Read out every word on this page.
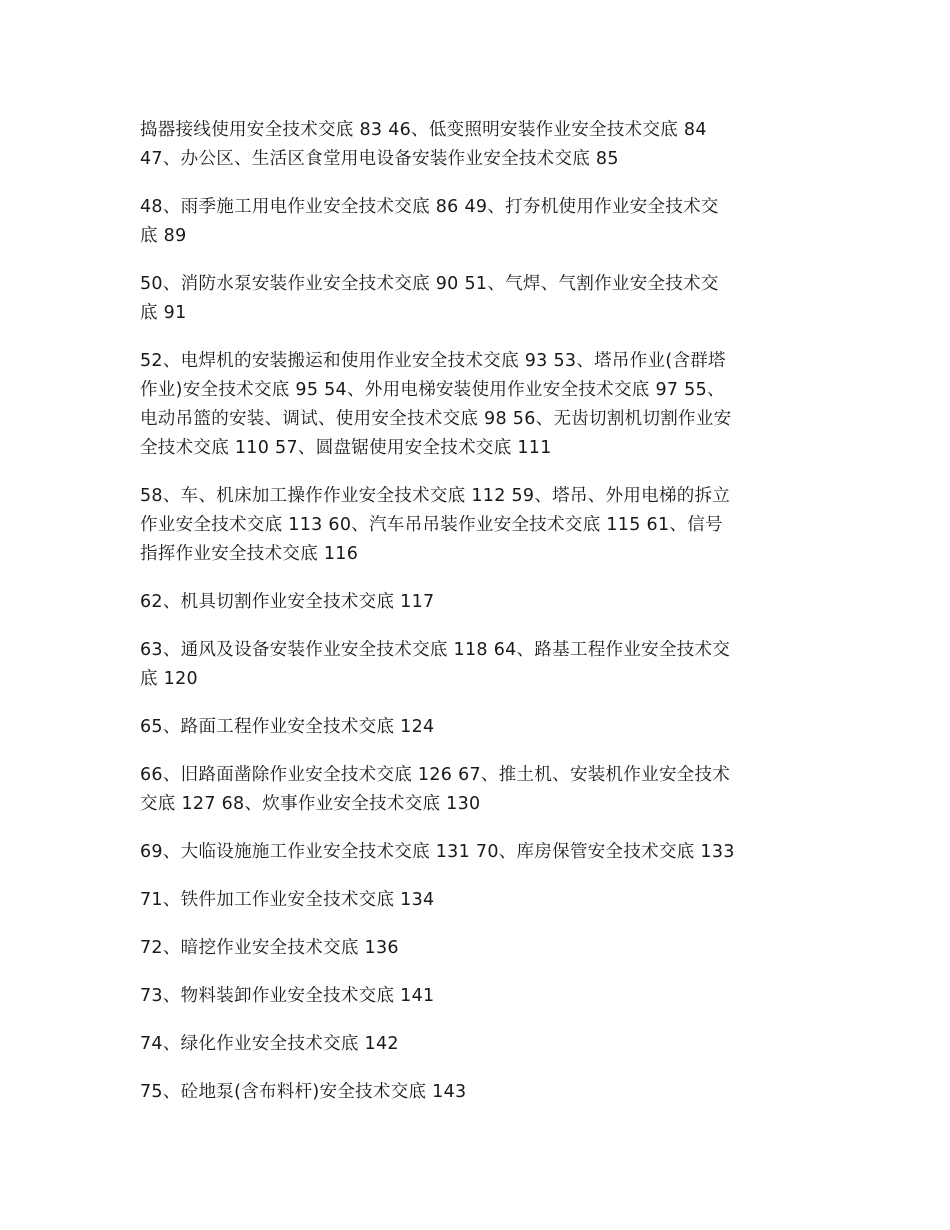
捣器接线使用安全技术交底 83 46、低变照明安装作业安全技术交底 84
47、办公区、生活区食堂用电设备安装作业安全技术交底 85

48、雨季施工用电作业安全技术交底 86 49、打夯机使用作业安全技术交
底 89

50、消防水泵安装作业安全技术交底 90 51、气焊、气割作业安全技术交
底 91

52、电焊机的安装搬运和使用作业安全技术交底 93 53、塔吊作业(含群塔
作业)安全技术交底 95 54、外用电梯安装使用作业安全技术交底 97 55、
电动吊篮的安装、调试、使用安全技术交底 98 56、无齿切割机切割作业安
全技术交底 110 57、圆盘锯使用安全技术交底 111

58、车、机床加工操作作业安全技术交底 112 59、塔吊、外用电梯的拆立
作业安全技术交底 113 60、汽车吊吊装作业安全技术交底 115 61、信号
指挥作业安全技术交底 116

62、机具切割作业安全技术交底 117

63、通风及设备安装作业安全技术交底 118 64、路基工程作业安全技术交
底 120

65、路面工程作业安全技术交底 124

66、旧路面凿除作业安全技术交底 126 67、推土机、安装机作业安全技术
交底 127 68、炊事作业安全技术交底 130

69、大临设施施工作业安全技术交底 131 70、库房保管安全技术交底 133

71、铁件加工作业安全技术交底 134

72、暗挖作业安全技术交底 136

73、物料装卸作业安全技术交底 141

74、绿化作业安全技术交底 142

75、砼地泵(含布料杆)安全技术交底 143
